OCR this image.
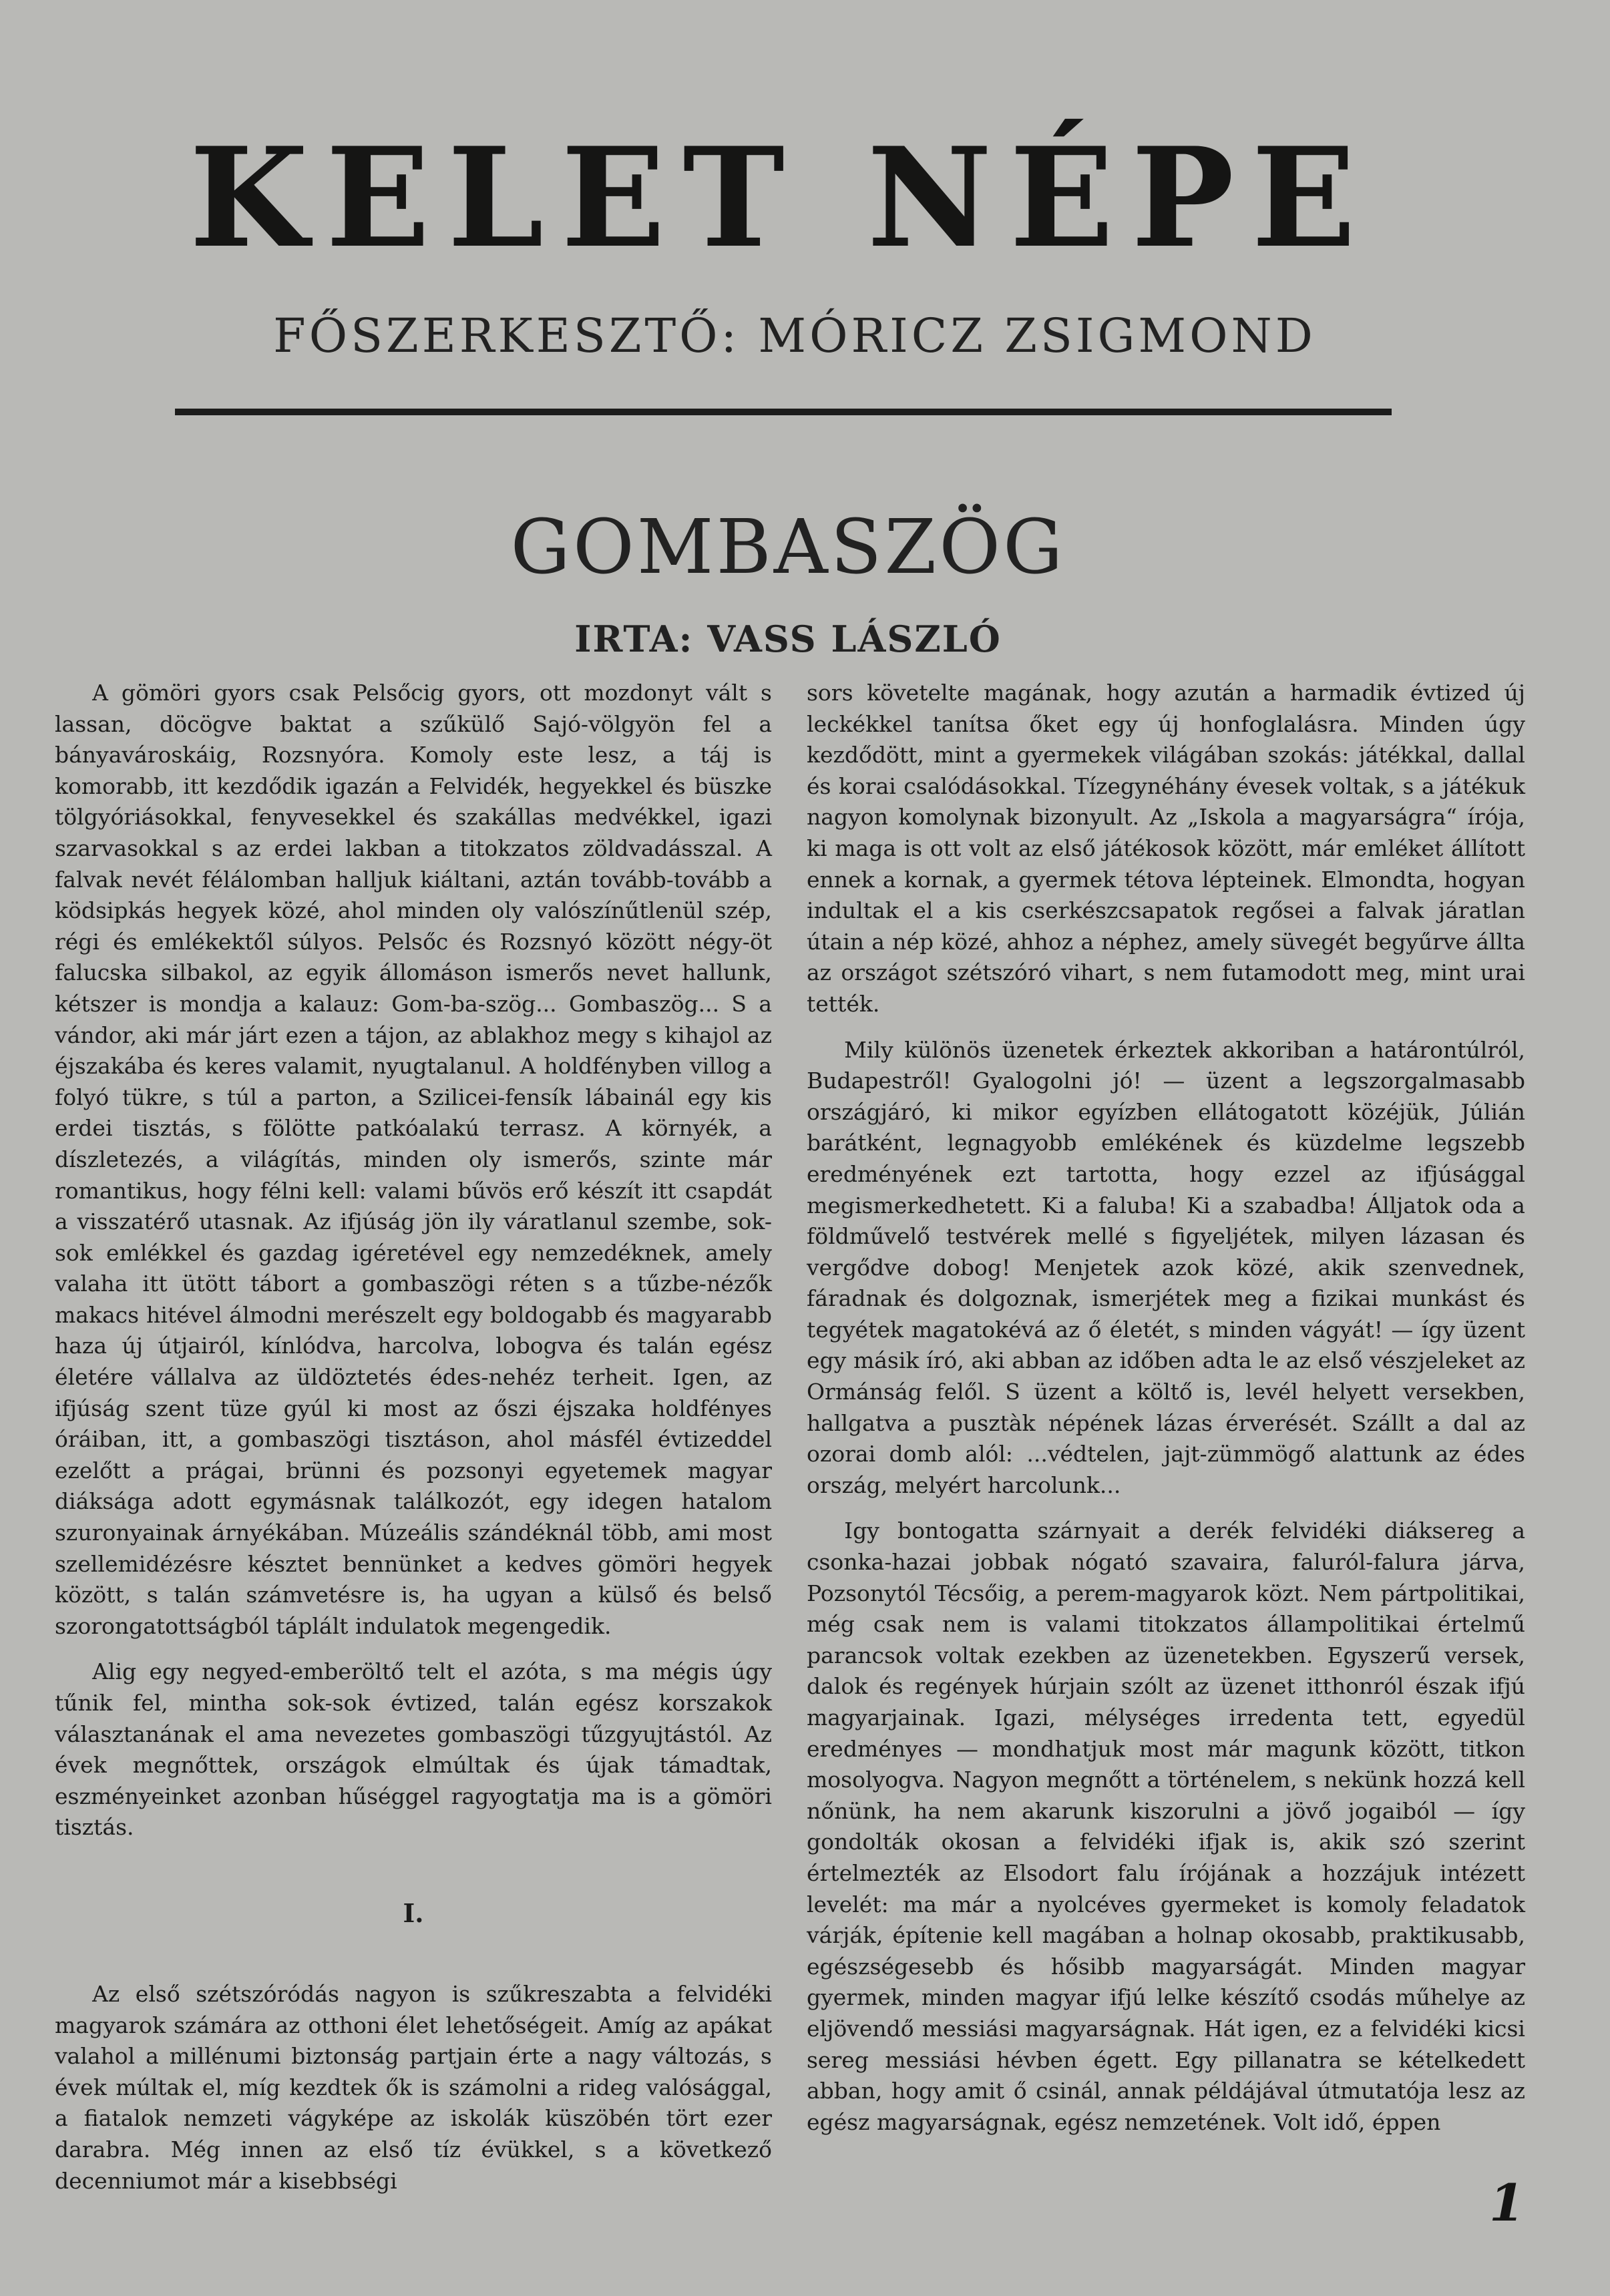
KELET NÉPE
FŐSZERKESZTŐ: MÓRICZ ZSIGMOND
GOMBASZÖG
IRTA: VASS LÁSZLÓ

A gömöri gyors csak Pelsőcig gyors, ott mozdonyt vált s lassan, döcögve baktat a szűkülő Sajó-völgyön fel a bányavároskáig, Rozsnyóra. Komoly este lesz, a táj is komorabb, itt kezdődik igazán a Felvidék, hegyekkel és büszke tölgyóriásokkal, fenyvesekkel és szakállas medvékkel, igazi szarvasokkal s az erdei lakban a titokzatos zöldvadásszal. A falvak nevét félálomban halljuk kiáltani, aztán tovább-tovább a ködsipkás hegyek közé, ahol minden oly valószínűtlenül szép, régi és emlékektől súlyos. Pelsőc és Rozsnyó között négy-öt falucska silbakol, az egyik állomáson ismerős nevet hallunk, kétszer is mondja a kalauz: Gom-ba-szög... Gombaszög... S a vándor, aki már járt ezen a tájon, az ablakhoz megy s kihajol az éjszakába és keres valamit, nyugtalanul. A holdfényben villog a folyó tükre, s túl a parton, a Szilicei-fensík lábainál egy kis erdei tisztás, s fölötte patkóalakú terrasz. A környék, a díszletezés, a világítás, minden oly ismerős, szinte már romantikus, hogy félni kell: valami bűvös erő készít itt csapdát a visszatérő utasnak. Az ifjúság jön ily váratlanul szembe, sok-sok emlékkel és gazdag igéretével egy nemzedéknek, amely valaha itt ütött tábort a gombaszögi réten s a tűzbe-nézők makacs hitével álmodni merészelt egy boldogabb és magyarabb haza új útjairól, kínlódva, harcolva, lobogva és talán egész életére vállalva az üldöztetés édes-nehéz terheit. Igen, az ifjúság szent tüze gyúl ki most az őszi éjszaka holdfényes óráiban, itt, a gombaszögi tisztáson, ahol másfél évtizeddel ezelőtt a prágai, brünni és pozsonyi egyetemek magyar diáksága adott egymásnak találkozót, egy idegen hatalom szuronyainak árnyékában. Múzeális szándéknál több, ami most szellemidézésre késztet bennünket a kedves gömöri hegyek között, s talán számvetésre is, ha ugyan a külső és belső szorongatottságból táplált indulatok megengedik.

Alig egy negyed-emberöltő telt el azóta, s ma mégis úgy tűnik fel, mintha sok-sok évtized, talán egész korszakok választanának el ama nevezetes gombaszögi tűzgyujtástól. Az évek megnőttek, országok elmúltak és újak támadtak, eszményeinket azonban hűséggel ragyogtatja ma is a gömöri tisztás.

I.

Az első szétszóródás nagyon is szűkreszabta a felvidéki magyarok számára az otthoni élet lehetőségeit. Amíg az apákat valahol a millénumi biztonság partjain érte a nagy változás, s évek múltak el, míg kezdtek ők is számolni a rideg valósággal, a fiatalok nemzeti vágyképe az iskolák küszöbén tört ezer darabra. Még innen az első tíz évükkel, s a következő decenniumot már a kisebbségi

sors követelte magának, hogy azután a harmadik évtized új leckékkel tanítsa őket egy új honfoglalásra. Minden úgy kezdődött, mint a gyermekek világában szokás: játékkal, dallal és korai csalódásokkal. Tízegynéhány évesek voltak, s a játékuk nagyon komolynak bizonyult. Az „Iskola a magyarságra“ írója, ki maga is ott volt az első játékosok között, már emléket állított ennek a kornak, a gyermek tétova lépteinek. Elmondta, hogyan indultak el a kis cserkészcsapatok regősei a falvak járatlan útain a nép közé, ahhoz a néphez, amely süvegét begyűrve állta az országot szétszóró vihart, s nem futamodott meg, mint urai tették.

Mily különös üzenetek érkeztek akkoriban a határontúlról, Budapestről! Gyalogolni jó! — üzent a legszorgalmasabb országjáró, ki mikor egyízben ellátogatott közéjük, Júlián barátként, legnagyobb emlékének és küzdelme legszebb eredményének ezt tartotta, hogy ezzel az ifjúsággal megismerkedhetett. Ki a faluba! Ki a szabadba! Álljatok oda a földművelő testvérek mellé s figyeljétek, milyen lázasan és vergődve dobog! Menjetek azok közé, akik szenvednek, fáradnak és dolgoznak, ismerjétek meg a fizikai munkást és tegyétek magatokévá az ő életét, s minden vágyát! — így üzent egy másik író, aki abban az időben adta le az első vészjeleket az Ormánság felől. S üzent a költő is, levél helyett versekben, hallgatva a pusztàk népének lázas érverését. Szállt a dal az ozorai domb alól: ...védtelen, jajt-zümmögő alattunk az édes ország, melyért harcolunk...

Igy bontogatta szárnyait a derék felvidéki diáksereg a csonka-hazai jobbak nógató szavaira, faluról-falura járva, Pozsonytól Técsőig, a perem-magyarok közt. Nem pártpolitikai, még csak nem is valami titokzatos állampolitikai értelmű parancsok voltak ezekben az üzenetekben. Egyszerű versek, dalok és regények húrjain szólt az üzenet itthonról észak ifjú magyarjainak. Igazi, mélységes irredenta tett, egyedül eredményes — mondhatjuk most már magunk között, titkon mosolyogva. Nagyon megnőtt a történelem, s nekünk hozzá kell nőnünk, ha nem akarunk kiszorulni a jövő jogaiból — így gondolták okosan a felvidéki ifjak is, akik szó szerint értelmezték az Elsodort falu írójának a hozzájuk intézett levelét: ma már a nyolcéves gyermeket is komoly feladatok várják, építenie kell magában a holnap okosabb, praktikusabb, egészségesebb és hősibb magyarságát. Minden magyar gyermek, minden magyar ifjú lelke készítő csodás műhelye az eljövendő messiási magyarságnak. Hát igen, ez a felvidéki kicsi sereg messiási hévben égett. Egy pillanatra se kételkedett abban, hogy amit ő csinál, annak példájával útmutatója lesz az egész magyarságnak, egész nemzetének. Volt idő, éppen

1
